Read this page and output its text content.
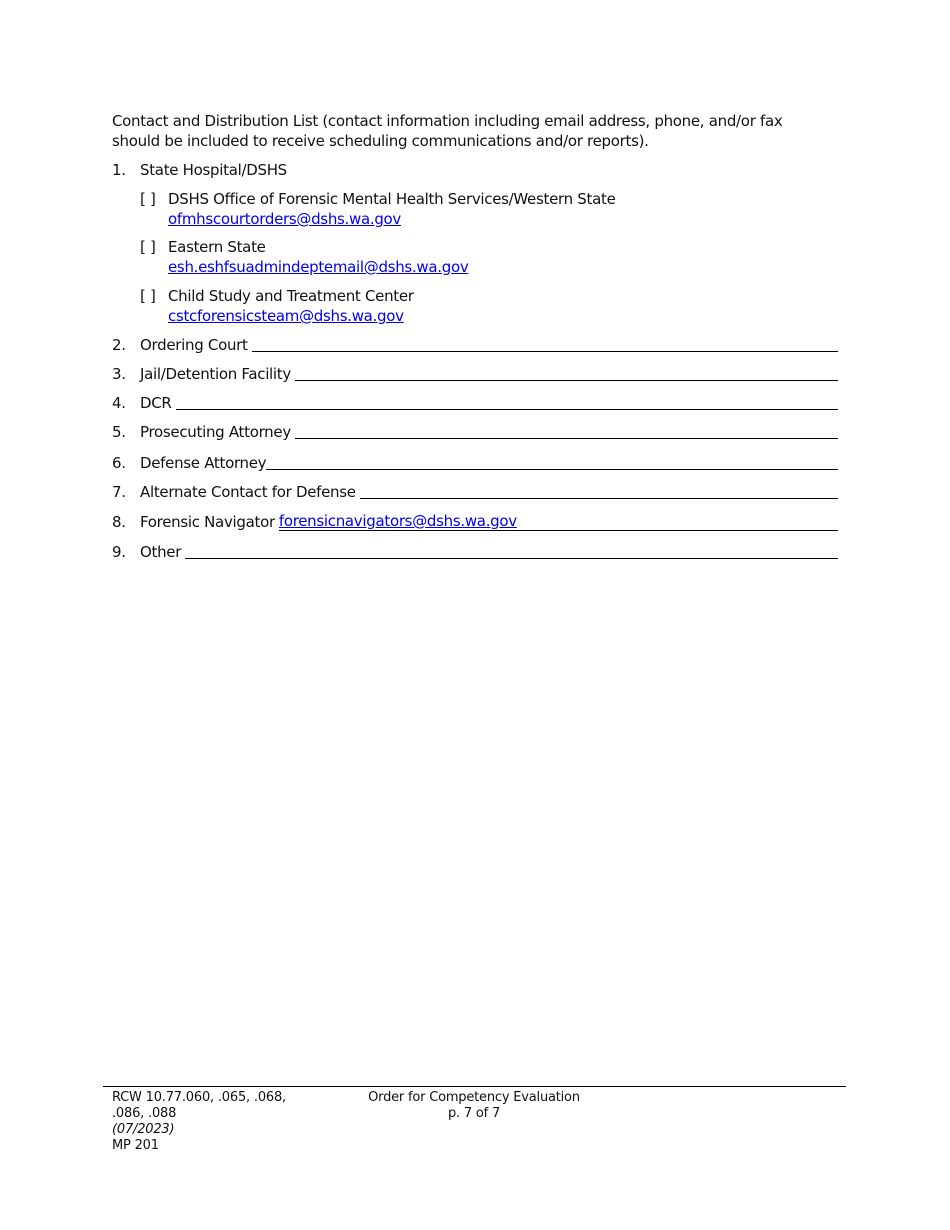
Contact and Distribution List (contact information including email address, phone, and/or fax should be included to receive scheduling communications and/or reports).
1. State Hospital/DSHS
[ ] DSHS Office of Forensic Mental Health Services/Western State
ofmhscourtorders@dshs.wa.gov
[ ] Eastern State
esh.eshfsuadmindeptemail@dshs.wa.gov
[ ] Child Study and Treatment Center
cstcforensicsteam@dshs.wa.gov
2. Ordering Court
3. Jail/Detention Facility
4. DCR
5. Prosecuting Attorney
6. Defense Attorney
7. Alternate Contact for Defense
8. Forensic Navigator forensicnavigators@dshs.wa.gov
9. Other
RCW 10.77.060, .065, .068,
.086, .088
(07/2023)
MP 201
Order for Competency Evaluation
p. 7 of 7
